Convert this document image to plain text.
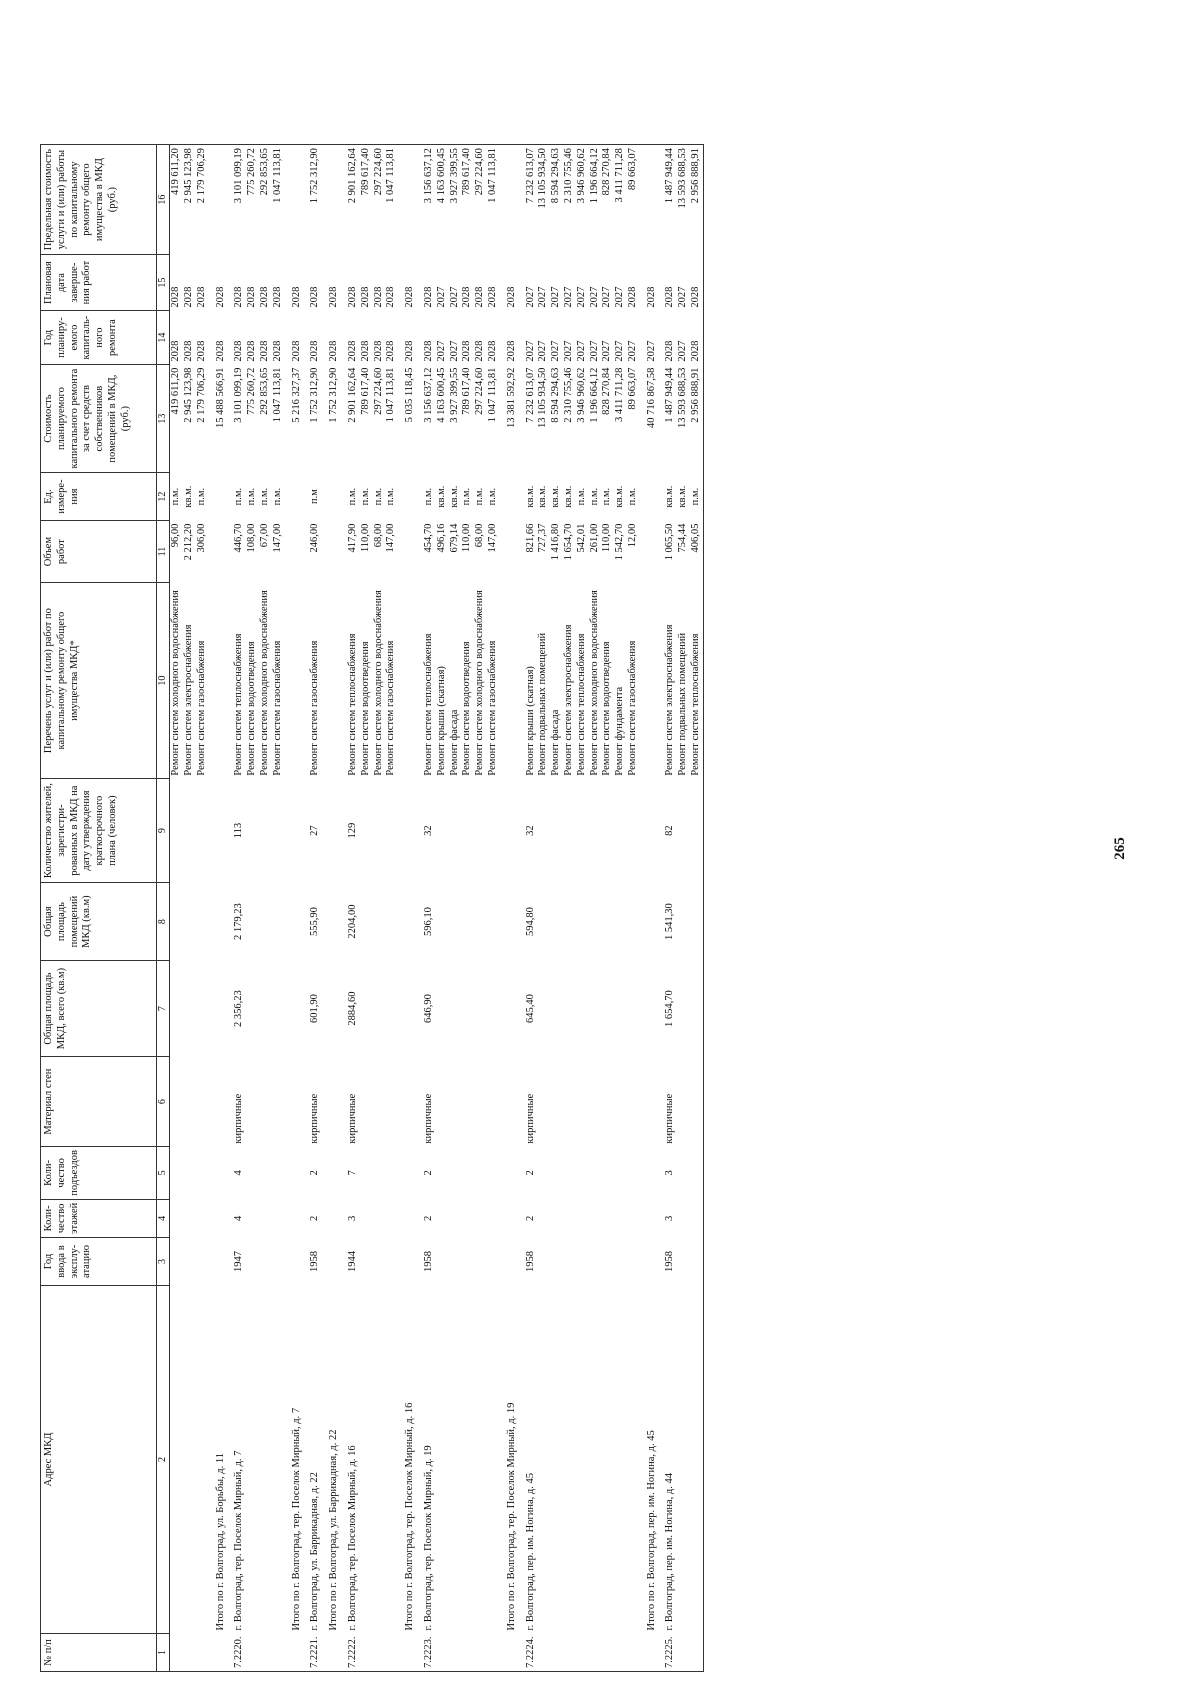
265
№ п/п	Адрес МКД	Год ввода в эксплу- атацию	Коли- чество этажей	Коли- чество подъездов	Материал стен	Общая площадь МКД, всего (кв.м)	Общая площадь помещений МКД (кв.м)	Количество жителей, зарегистри- рованных в МКД на дату утверждения краткосрочного плана (человек)	Перечень услуг и (или) работ по капитальному ремонту общего имущества МКД*	Объем работ	Ед. измере- ния	Стоимость планируемого капитального ремонта за счет средств собственников помещений в МКД, (руб.)	Год планиру- емого капиталь- ного ремонта	Плановая дата заверше- ния работ	Предельная стоимость услуги и (или) работы по капитальному ремонту общего имущества в МКД (руб.)
1	2	3	4	5	6	7	8	9	10	11	12	13	14	15	16
									Ремонт систем холодного водоснабжения	96,00	п.м.	419 611,20	2028	2028	419 611,20
									Ремонт систем электроснабжения	2 212,20	кв.м.	2 945 123,98	2028	2028	2 945 123,98
									Ремонт систем газоснабжения	306,00	п.м.	2 179 706,29	2028	2028	2 179 706,29

	Итого по г. Волгоград, ул. Борьбы, д. 11											15 488 566,91	2028	2028	

7.2220.	г. Волгоград, тер. Поселок Мирный, д. 7	1947	4	4	кирпичные	2 356,23	2 179,23	113	Ремонт систем теплоснабжения	446,70	п.м.	3 101 099,19	2028	2028	3 101 099,19
									Ремонт систем водоотведения	108,00	п.м.	775 260,72	2028	2028	775 260,72
									Ремонт систем холодного водоснабжения	67,00	п.м.	292 853,65	2028	2028	292 853,65
									Ремонт систем газоснабжения	147,00	п.м.	1 047 113,81	2028	2028	1 047 113,81

	Итого по г. Волгоград, тер. Поселок Мирный, д. 7											5 216 327,37	2028	2028	

7.2221.	г. Волгоград, ул. Баррикадная, д. 22	1958	2	2	кирпичные	601,90	555,90	27	Ремонт систем газоснабжения	246,00	п.м	1 752 312,90	2028	2028	1 752 312,90

	Итого по г. Волгоград, ул. Баррикадная, д. 22											1 752 312,90	2028	2028	

7.2222.	г. Волгоград, тер. Поселок Мирный, д. 16	1944	3	7	кирпичные	2884,60	2204,00	129	Ремонт систем теплоснабжения	417,90	п.м.	2 901 162,64	2028	2028	2 901 162,64
									Ремонт систем водоотведения	110,00	п.м.	789 617,40	2028	2028	789 617,40
									Ремонт систем холодного водоснабжения	68,00	п.м.	297 224,60	2028	2028	297 224,60
									Ремонт систем газоснабжения	147,00	п.м.	1 047 113,81	2028	2028	1 047 113,81

	Итого по г. Волгоград, тер. Поселок Мирный, д. 16											5 035 118,45	2028	2028	

7.2223.	г. Волгоград, тер. Поселок Мирный, д. 19	1958	2	2	кирпичные	646,90	596,10	32	Ремонт систем теплоснабжения	454,70	п.м.	3 156 637,12	2028	2028	3 156 637,12
									Ремонт крыши (скатная)	496,16	кв.м.	4 163 600,45	2027	2027	4 163 600,45
									Ремонт фасада	679,14	кв.м.	3 927 399,55	2027	2027	3 927 399,55
									Ремонт систем водоотведения	110,00	п.м.	789 617,40	2028	2028	789 617,40
									Ремонт систем холодного водоснабжения	68,00	п.м.	297 224,60	2028	2028	297 224,60
									Ремонт систем газоснабжения	147,00	п.м.	1 047 113,81	2028	2028	1 047 113,81

	Итого по г. Волгоград, тер. Поселок Мирный, д. 19											13 381 592,92	2028	2028	

7.2224.	г. Волгоград, пер. им. Ногина, д. 45	1958	2	2	кирпичные	645,40	594,80	32	Ремонт крыши (скатная)	821,66	кв.м.	7 232 613,07	2027	2027	7 232 613,07
									Ремонт подвальных помещений	727,37	кв.м.	13 105 934,50	2027	2027	13 105 934,50
									Ремонт фасада	1 416,80	кв.м.	8 594 294,63	2027	2027	8 594 294,63
									Ремонт систем электроснабжения	1 654,70	кв.м.	2 310 755,46	2027	2027	2 310 755,46
									Ремонт систем теплоснабжения	542,01	п.м.	3 946 960,62	2027	2027	3 946 960,62
									Ремонт систем холодного водоснабжения	261,00	п.м.	1 196 664,12	2027	2027	1 196 664,12
									Ремонт систем водоотведения	110,00	п.м.	828 270,84	2027	2027	828 270,84
									Ремонт фундамента	1 542,70	кв.м.	3 411 711,28	2027	2027	3 411 711,28
									Ремонт систем газоснабжения	12,00	п.м.	89 663,07	2027	2028	89 663,07

	Итого по г. Волгоград, пер. им. Ногина, д. 45											40 716 867,58	2027	2028	

7.2225.	г. Волгоград, пер. им. Ногина, д. 44	1958	3	3	кирпичные	1 654,70	1 541,30	82	Ремонт систем электроснабжения	1 065,50	кв.м.	1 487 949,44	2028	2028	1 487 949,44
									Ремонт подвальных помещений	754,44	кв.м.	13 593 688,53	2027	2027	13 593 688,53
									Ремонт систем теплоснабжения	406,05	п.м.	2 956 888,91	2028	2028	2 956 888,91
